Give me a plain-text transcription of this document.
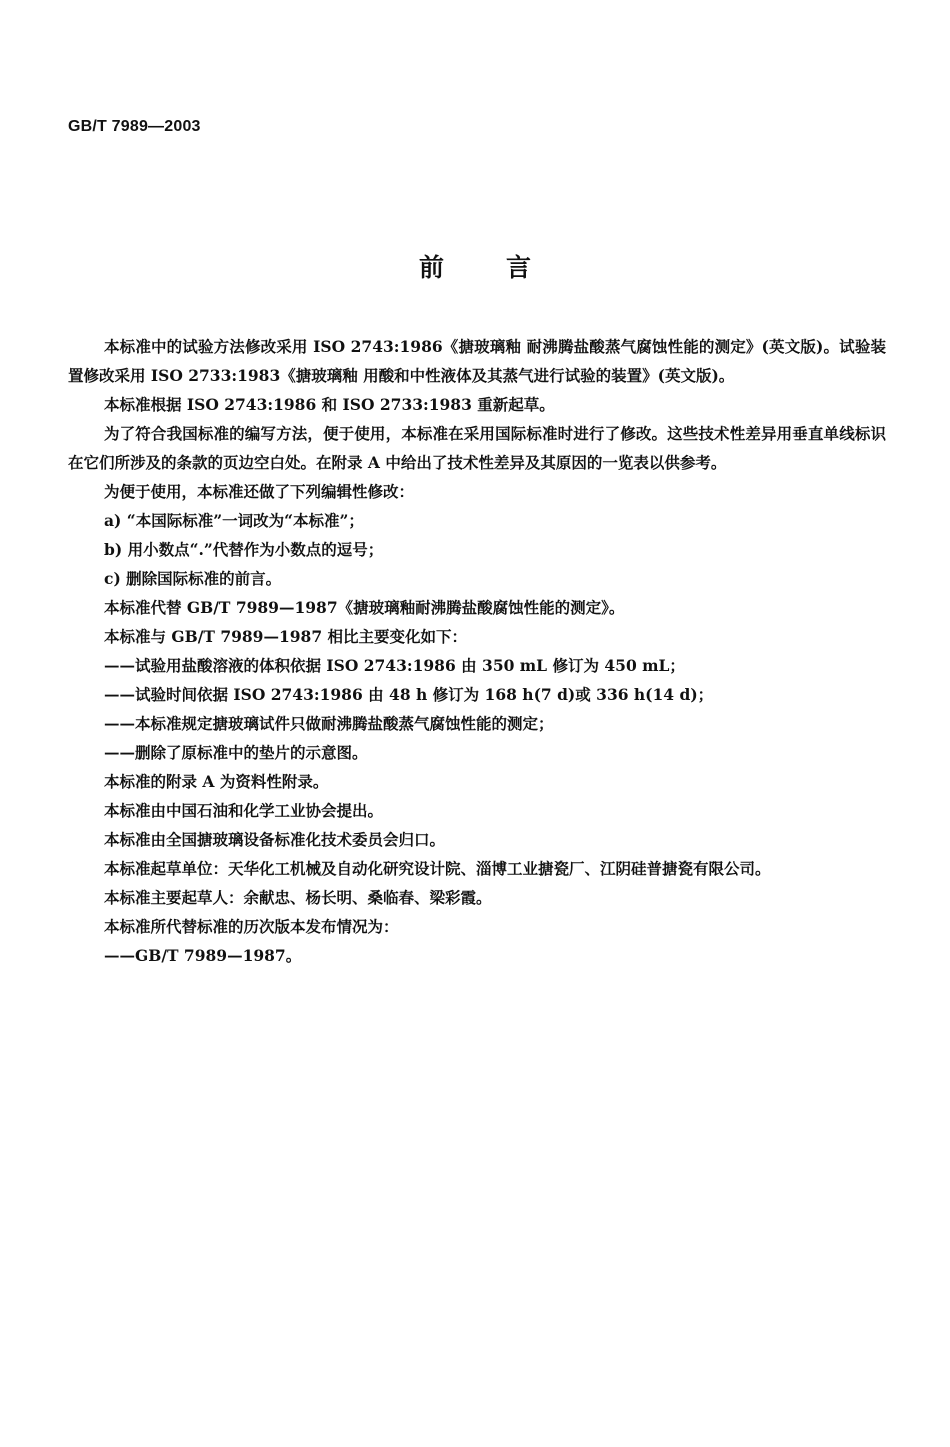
GB/T 7989—2003
前言

本标准中的试验方法修改采用 ISO 2743:1986《搪玻璃釉 耐沸腾盐酸蒸气腐蚀性能的测定》(英文版)。试验装置修改采用 ISO 2733:1983《搪玻璃釉 用酸和中性液体及其蒸气进行试验的装置》(英文版)。

本标准根据 ISO 2743:1986 和 ISO 2733:1983 重新起草。

为了符合我国标准的编写方法，便于使用，本标准在采用国际标准时进行了修改。这些技术性差异用垂直单线标识在它们所涉及的条款的页边空白处。在附录 A 中给出了技术性差异及其原因的一览表以供参考。

为便于使用，本标准还做了下列编辑性修改：

a) “本国际标准”一词改为“本标准”；

b) 用小数点“.”代替作为小数点的逗号；

c) 删除国际标准的前言。

本标准代替 GB/T 7989—1987《搪玻璃釉耐沸腾盐酸腐蚀性能的测定》。

本标准与 GB/T 7989—1987 相比主要变化如下：

——试验用盐酸溶液的体积依据 ISO 2743:1986 由 350 mL 修订为 450 mL；

——试验时间依据 ISO 2743:1986 由 48 h 修订为 168 h(7 d)或 336 h(14 d)；

——本标准规定搪玻璃试件只做耐沸腾盐酸蒸气腐蚀性能的测定；

——删除了原标准中的垫片的示意图。

本标准的附录 A 为资料性附录。

本标准由中国石油和化学工业协会提出。

本标准由全国搪玻璃设备标准化技术委员会归口。

本标准起草单位：天华化工机械及自动化研究设计院、淄博工业搪瓷厂、江阴硅普搪瓷有限公司。

本标准主要起草人：余献忠、杨长明、桑临春、梁彩霞。

本标准所代替标准的历次版本发布情况为：

——GB/T 7989—1987。
